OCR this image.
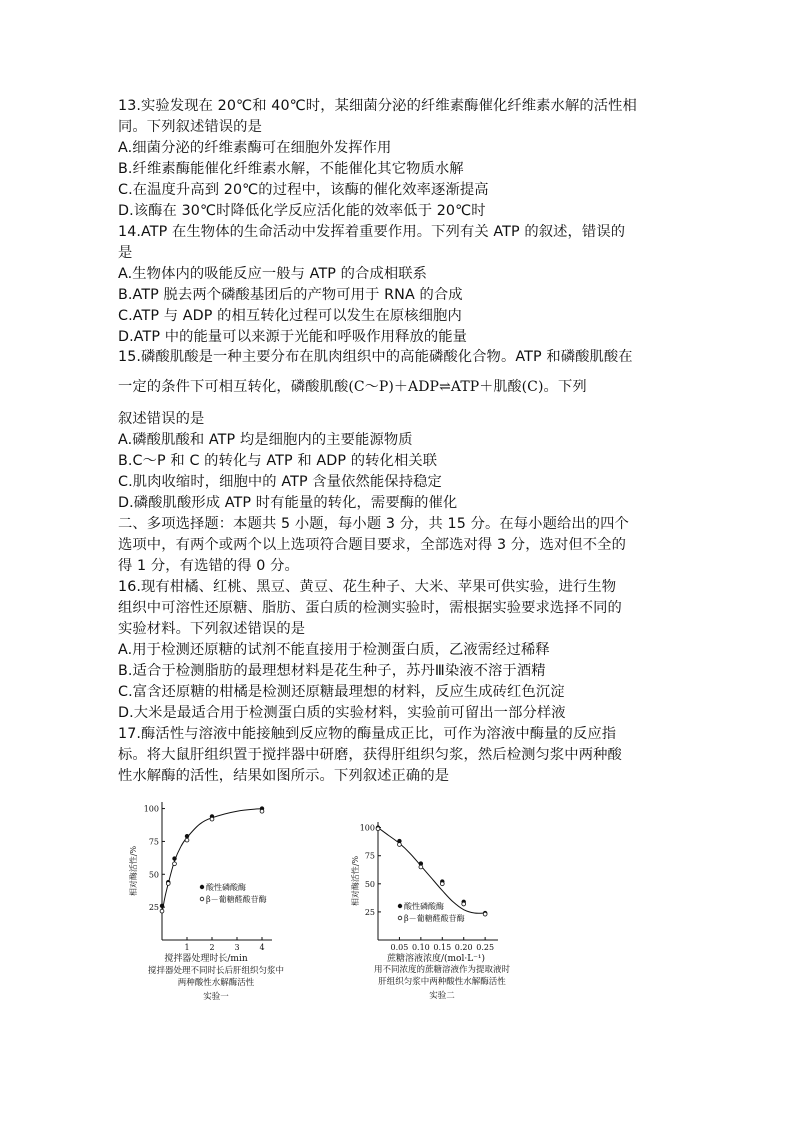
13.实验发现在 20℃和 40℃时，某细菌分泌的纤维素酶催化纤维素水解的活性相
同。下列叙述错误的是
A.细菌分泌的纤维素酶可在细胞外发挥作用
B.纤维素酶能催化纤维素水解，不能催化其它物质水解
C.在温度升高到 20℃的过程中，该酶的催化效率逐渐提高
D.该酶在 30℃时降低化学反应活化能的效率低于 20℃时
14.ATP 在生物体的生命活动中发挥着重要作用。下列有关 ATP 的叙述，错误的
是
A.生物体内的吸能反应一般与 ATP 的合成相联系
B.ATP 脱去两个磷酸基团后的产物可用于 RNA 的合成
C.ATP 与 ADP 的相互转化过程可以发生在原核细胞内
D.ATP 中的能量可以来源于光能和呼吸作用释放的能量
15.磷酸肌酸是一种主要分布在肌肉组织中的高能磷酸化合物。ATP 和磷酸肌酸在
一定的条件下可相互转化，磷酸肌酸(C～P)＋ADP⇌ATP＋肌酸(C)。下列
叙述错误的是
A.磷酸肌酸和 ATP 均是细胞内的主要能源物质
B.C～P 和 C 的转化与 ATP 和 ADP 的转化相关联
C.肌肉收缩时，细胞中的 ATP 含量依然能保持稳定
D.磷酸肌酸形成 ATP 时有能量的转化，需要酶的催化
二、多项选择题：本题共 5 小题，每小题 3 分，共 15 分。在每小题给出的四个
选项中，有两个或两个以上选项符合题目要求，全部选对得 3 分，选对但不全的
得 1 分，有选错的得 0 分。
16.现有柑橘、红桃、黑豆、黄豆、花生种子、大米、苹果可供实验，进行生物
组织中可溶性还原糖、脂肪、蛋白质的检测实验时，需根据实验要求选择不同的
实验材料。下列叙述错误的是
A.用于检测还原糖的试剂不能直接用于检测蛋白质，乙液需经过稀释
B.适合于检测脂肪的最理想材料是花生种子，苏丹Ⅲ染液不溶于酒精
C.富含还原糖的柑橘是检测还原糖最理想的材料，反应生成砖红色沉淀
D.大米是最适合用于检测蛋白质的实验材料，实验前可留出一部分样液
17.酶活性与溶液中能接触到反应物的酶量成正比，可作为溶液中酶量的反应指
标。将大鼠肝组织置于搅拌器中研磨，获得肝组织匀浆，然后检测匀浆中两种酸
性水解酶的活性，结果如图所示。下列叙述正确的是
25
50
75
100
1 2 3 4
搅拌器处理时长/min
相对酶活性/%	酸性磷酸酶
β－葡糖醛酸苷酶
搅拌器处理不同时长后肝组织匀浆中
两种酸性水解酶活性
实验一
25
50
75
100
0.05 0.10 0.15 0.20 0.25
蔗糖溶液浓度/(mol·L⁻¹)
相对酶活性/%
酸性磷酸酶
β－葡糖醛酸苷酶
用不同浓度的蔗糖溶液作为提取液时
肝组织匀浆中两种酸性水解酶活性
实验二
